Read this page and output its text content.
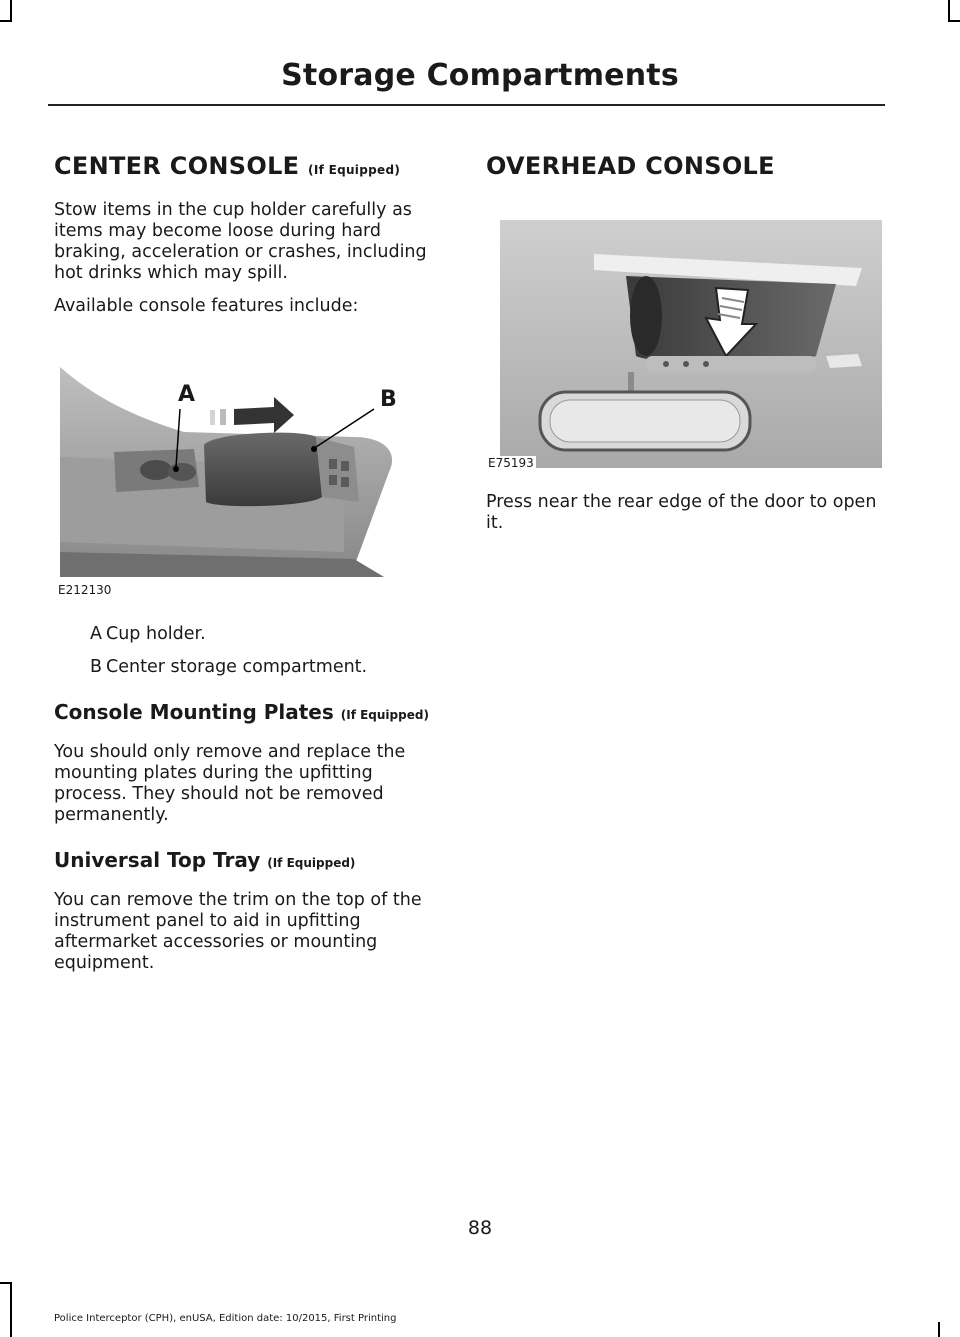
Storage Compartments
CENTER CONSOLE (If Equipped)

Stow items in the cup holder carefully as items may become loose during hard braking, acceleration or crashes, including hot drinks which may spill.

Available console features include:

A	B
E212130
A Cup holder.
B Center storage compartment.
Console Mounting Plates (If Equipped)

You should only remove and replace the mounting plates during the upfitting process. They should not be removed permanently.

Universal Top Tray (If Equipped)

You can remove the trim on the top of the instrument panel to aid in upfitting aftermarket accessories or mounting equipment.

OVERHEAD CONSOLE
E75193

Press near the rear edge of the door to open it.

88
Police Interceptor (CPH), enUSA, Edition date: 10/2015, First Printing
